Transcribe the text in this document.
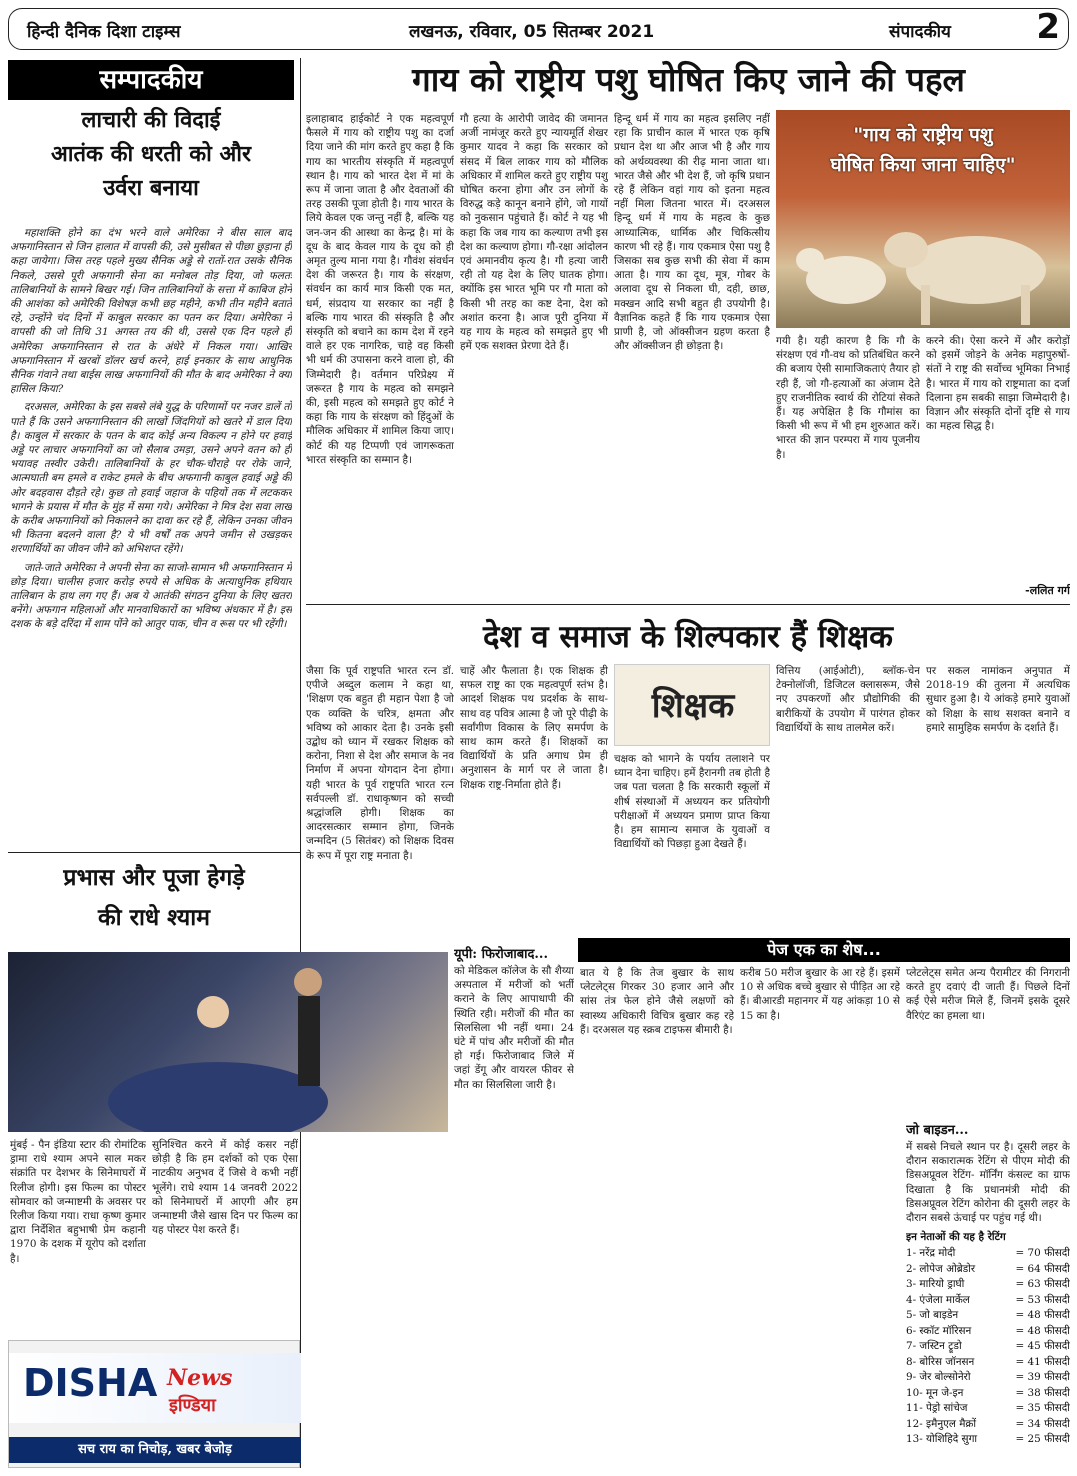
हिन्दी दैनिक दिशा टाइम्स	लखनऊ, रविवार, 05 सितम्बर 2021	संपादकीय	2
सम्पादकीय
लाचारी की विदाई
आतंक की धरती को और
उर्वरा बनाया

महाशक्ति होने का दंभ भरने वाले अमेरिका ने बीस साल बाद अफगानिस्तान से जिन हालात में वापसी की, उसे मुसीबत से पीछा छुड़ाना ही कहा जायेगा। जिस तरह पहले मुख्य सैनिक अड्डे से रातों-रात उसके सैनिक निकले, उससे पूरी अफगानी सेना का मनोबल तोड़ दिया, जो फलतः तालिबानियों के सामने बिखर गई। जिन तालिबानियों के सत्ता में काबिज होने की आशंका को अमेरिकी विशेषज्ञ कभी छह महीने, कभी तीन महीने बताते रहे, उन्होंने चंद दिनों में काबुल सरकार का पतन कर दिया। अमेरिका ने वापसी की जो तिथि 31 अगस्त तय की थी, उससे एक दिन पहले ही अमेरिका अफगानिस्तान से रात के अंधेरे में निकल गया। आखिर अफगानिस्तान में खरबों डॉलर खर्च करने, हाई इनकार के साथ आधुनिक सैनिक गंवाने तथा बाईस लाख अफगानियों की मौत के बाद अमेरिका ने क्या हासिल किया?

दरअसल, अमेरिका के इस सबसे लंबे युद्ध के परिणामों पर नजर डालें तो पाते हैं कि उसने अफगानिस्तान की लाखों जिंदगियों को खतरे में डाल दिया है। काबुल में सरकार के पतन के बाद कोई अन्य विकल्प न होने पर हवाई अड्डे पर लाचार अफगानियों का जो सैलाब उमड़ा, उसने अपने वतन को ही भयावह तस्वीर उकेरी। तालिबानियों के हर चौक-चौराहे पर रोके जाने, आत्मघाती बम हमले व राकेट हमले के बीच अफगानी काबुल हवाई अड्डे की ओर बदहवास दौड़ते रहे। कुछ तो हवाई जहाज के पहियों तक में लटककर भागने के प्रयास में मौत के मुंह में समा गये। अमेरिका ने मित्र देश सवा लाख के करीब अफगानियों को निकालने का दावा कर रहे हैं, लेकिन उनका जीवन भी कितना बदलने वाला है? ये भी वर्षों तक अपने जमीन से उखड़कर शरणार्थियों का जीवन जीने को अभिशप्त रहेंगे।

जाते-जाते अमेरिका ने अपनी सेना का साजो-सामान भी अफगानिस्तान में छोड़ दिया। चालीस हजार करोड़ रुपये से अधिक के अत्याधुनिक हथियार तालिबान के हाथ लग गए हैं। अब ये आतंकी संगठन दुनिया के लिए खतरा बनेंगे। अफगान महिलाओं और मानवाधिकारों का भविष्य अंधकार में है। इस दशक के बड़े दरिंदा में शाम पोंने को आतुर पाक, चीन व रूस पर भी रहेंगी।

गाय को राष्ट्रीय पशु घोषित किए जाने की पहल
इलाहाबाद हाईकोर्ट ने एक महत्वपूर्ण फैसले में गाय को राष्ट्रीय पशु का दर्जा दिया जाने की मांग करते हुए कहा है कि गाय का भारतीय संस्कृति में महत्वपूर्ण स्थान है। गाय को भारत देश में मां के रूप में जाना जाता है और देवताओं की तरह उसकी पूजा होती है। गाय भारत के लिये केवल एक जन्तु नहीं है, बल्कि यह जन-जन की आस्था का केन्द्र है। मां के दूध के बाद केवल गाय के दूध को ही अमृत तुल्य माना गया है। गौवंश संवर्धन देश की जरूरत है। गाय के संरक्षण, संवर्धन का कार्य मात्र किसी एक मत, धर्म, संप्रदाय या सरकार का नहीं है बल्कि गाय भारत की संस्कृति है और संस्कृति को बचाने का काम देश में रहने वाले हर एक नागरिक, चाहे वह किसी भी धर्म की उपासना करने वाला हो, की जिम्मेदारी है। वर्तमान परिप्रेक्ष्य में जरूरत है गाय के महत्व को समझने की, इसी महत्व को समझते हुए कोर्ट ने कहा कि गाय के संरक्षण को हिंदुओं के मौलिक अधिकार में शामिल किया जाए। कोर्ट की यह टिप्पणी एवं जागरूकता भारत संस्कृति का सम्मान है।
गौ हत्या के आरोपी जावेद की जमानत अर्जी नामंजूर करते हुए न्यायमूर्ति शेखर कुमार यादव ने कहा कि सरकार को संसद में बिल लाकर गाय को मौलिक अधिकार में शामिल करते हुए राष्ट्रीय पशु घोषित करना होगा और उन लोगों के विरुद्ध कड़े कानून बनाने होंगे, जो गायों को नुकसान पहुंचाते हैं। कोर्ट ने यह भी कहा कि जब गाय का कल्याण तभी इस देश का कल्याण होगा। गौ-रक्षा आंदोलन एवं अमानवीय कृत्य है। गौ हत्या जारी रही तो यह देश के लिए घातक होगा। क्योंकि इस भारत भूमि पर गौ माता को किसी भी तरह का कष्ट देना, देश को अशांत करना है। आज पूरी दुनिया में यह गाय के महत्व को समझते हुए भी हमें एक सशक्त प्रेरणा देते हैं।
हिन्दू धर्म में गाय का महत्व इसलिए नहीं रहा कि प्राचीन काल में भारत एक कृषि प्रधान देश था और आज भी है और गाय को अर्थव्यवस्था की रीढ़ माना जाता था। भारत जैसे और भी देश हैं, जो कृषि प्रधान रहे हैं लेकिन वहां गाय को इतना महत्व नहीं मिला जितना भारत में। दरअसल हिन्दू धर्म में गाय के महत्व के कुछ आध्यात्मिक, धार्मिक और चिकित्सीय कारण भी रहे हैं। गाय एकमात्र ऐसा पशु है जिसका सब कुछ सभी की सेवा में काम आता है। गाय का दूध, मूत्र, गोबर के अलावा दूध से निकला घी, दही, छाछ, मक्खन आदि सभी बहुत ही उपयोगी है। वैज्ञानिक कहते हैं कि गाय एकमात्र ऐसा प्राणी है, जो ऑक्सीजन ग्रहण करता है और ऑक्सीजन ही छोड़ता है।
"गाय को राष्ट्रीय पशु
घोषित किया जाना चाहिए"
गयी है। यही कारण है कि गौ के संरक्षण एवं गौ-वध को प्रतिबंधित करने की बजाय ऐसी सामाजिकताएं तैयार हो रही हैं, जो गौ-हत्याओं का अंजाम देते हुए राजनीतिक स्वार्थ की रोटियां सेकते हैं। यह अपेक्षित है कि गौमांस का किसी भी रूप में भी हम शुरुआत करें। भारत की ज्ञान परम्परा में गाय पूजनीय है।
करने की। ऐसा करने में और करोड़ों को इसमें जोड़ने के अनेक महापुरुषों-संतों ने राष्ट्र की सर्वोच्च भूमिका निभाई है। भारत में गाय को राष्ट्रमाता का दर्जा दिलाना हम सबकी साझा जिम्मेदारी है। विज्ञान और संस्कृति दोनों दृष्टि से गाय का महत्व सिद्ध है।
-ललित गर्ग
देश व समाज के शिल्पकार हैं शिक्षक
जैसा कि पूर्व राष्ट्रपति भारत रत्न डॉ. एपीजे अब्दुल कलाम ने कहा था, 'शिक्षण एक बहुत ही महान पेशा है जो एक व्यक्ति के चरित्र, क्षमता और भविष्य को आकार देता है। उनके इसी उद्बोध को ध्यान में रखकर शिक्षक को करोना, निशा से देश और समाज के नव निर्माण में अपना योगदान देना होगा। यही भारत के पूर्व राष्ट्रपति भारत रत्न सर्वपल्ली डॉ. राधाकृष्णन को सच्ची श्रद्धांजलि होगी। शिक्षक का आदरसत्कार सम्मान होगा, जिनके जन्मदिन (5 सितंबर) को शिक्षक दिवस के रूप में पूरा राष्ट्र मनाता है।
चाहें और फैलाता है। एक शिक्षक ही सफल राष्ट्र का एक महत्वपूर्ण स्तंभ है। आदर्श शिक्षक पथ प्रदर्शक के साथ-साथ वह पवित्र आत्मा है जो पूरे पीढ़ी के सर्वांगीण विकास के लिए समर्पण के साथ काम करते हैं। शिक्षकों का विद्यार्थियों के प्रति अगाध प्रेम ही अनुशासन के मार्ग पर ले जाता है। शिक्षक राष्ट्र-निर्माता होते हैं।
शिक्षक
चक्षक को भागने के पर्याय तलाशने पर ध्यान देना चाहिए। हमें हैरानगी तब होती है जब पता चलता है कि सरकारी स्कूलों में शीर्ष संस्थाओं में अध्ययन कर प्रतियोगी परीक्षाओं में अध्ययन प्रमाण प्राप्त किया है। हम सामान्य समाज के युवाओं व विद्यार्थियों को पिछड़ा हुआ देखते हैं।
वित्तिय (आईओटी), ब्लॉक-चेन टेक्नोलॉजी, डिजिटल क्लासरूम, जैसे नए उपकरणों और प्रौद्योगिकी की बारीकियों के उपयोग में पारंगत होकर विद्यार्थियों के साथ तालमेल करें।
पर सकल नामांकन अनुपात में 2018-19 की तुलना में अत्यधिक सुधार हुआ है। ये आंकड़े हमारे युवाओं को शिक्षा के साथ सशक्त बनाने व हमारे सामुहिक समर्पण के दर्शाते हैं।
पेज एक का शेष...
प्रभास और पूजा हेगड़े
की राधे श्याम
मुंबई - पैन इंडिया स्टार की रोमांटिक ड्रामा राधे श्याम अपने साल मकर संक्रांति पर देशभर के सिनेमाघरों में रिलीज होगी। इस फिल्म का पोस्टर सोमवार को जन्माष्टमी के अवसर पर रिलीज किया गया। राधा कृष्ण कुमार द्वारा निर्देशित बहुभाषी प्रेम कहानी 1970 के दशक में यूरोप को दर्शाता है।
सुनिश्चित करने में कोई कसर नहीं छोड़ी है कि हम दर्शकों को एक ऐसा नाटकीय अनुभव दें जिसे वे कभी नहीं भूलेंगे। राधे श्याम 14 जनवरी 2022 को सिनेमाघरों में आएगी और हम जन्माष्टमी जैसे खास दिन पर फिल्म का यह पोस्टर पेश करते हैं।
DISHA News
इण्डिया
सच राय का निचोड़, खबर बेजोड़
यूपी: फिरोजाबाद...
को मेडिकल कॉलेज के सौ शैय्या अस्पताल में मरीजों को भर्ती कराने के लिए आपाधापी की स्थिति रही। मरीजों की मौत का सिलसिला भी नहीं थमा। 24 घंटे में पांच और मरीजों की मौत हो गई। फिरोजाबाद जिले में जहां डेंगू और वायरल फीवर से मौत का सिलसिला जारी है।
बात ये है कि तेज बुखार के साथ प्लेटलेट्स गिरकर 30 हजार आने और सांस तंत्र फेल होने जैसे लक्षणों को स्वास्थ्य अधिकारी विचित्र बुखार कह रहे हैं। दरअसल यह स्क्रब टाइफस बीमारी है।
करीब 50 मरीज बुखार के आ रहे हैं। इसमें 10 से अधिक बच्चे बुखार से पीड़ित आ रहे हैं। बीआरडी महानगर में यह आंकड़ा 10 से 15 का है।
प्लेटलेट्स समेत अन्य पैरामीटर की निगरानी करते हुए दवाएं दी जाती हैं। पिछले दिनों कई ऐसे मरीज मिले हैं, जिनमें इसके दूसरे वैरिएंट का हमला था।
जो बाइडन...
में सबसे निचले स्थान पर है। दूसरी लहर के दौरान सकारात्मक रेटिंग से पीएम मोदी की डिसअप्रूवल रेटिंग- मॉर्निंग कंसल्ट का ग्राफ दिखाता है कि प्रधानमंत्री मोदी की डिसअप्रूवल रेटिंग कोरोना की दूसरी लहर के दौरान सबसे ऊंचाई पर पहुंच गई थी।
इन नेताओं की यह है रेटिंग
1- नरेंद्र मोदी	= 70 फीसदी
2- लोपेज ओब्रेडोर	= 64 फीसदी
3- मारियो ड्राघी	= 63 फीसदी
4- एंजेला मार्केल	= 53 फीसदी
5- जो बाइडेन	= 48 फीसदी
6- स्कॉट मॉरिसन	= 48 फीसदी
7- जस्टिन ट्रूडो	= 45 फीसदी
8- बोरिस जॉनसन	= 41 फीसदी
9- जेर बोल्सोनेरो	= 39 फीसदी
10- मून जे-इन	= 38 फीसदी
11- पेड्रो सांचेज	= 35 फीसदी
12- इमैनुएल मैक्रों	= 34 फीसदी
13- योशिहिदे सुगा	= 25 फीसदी
